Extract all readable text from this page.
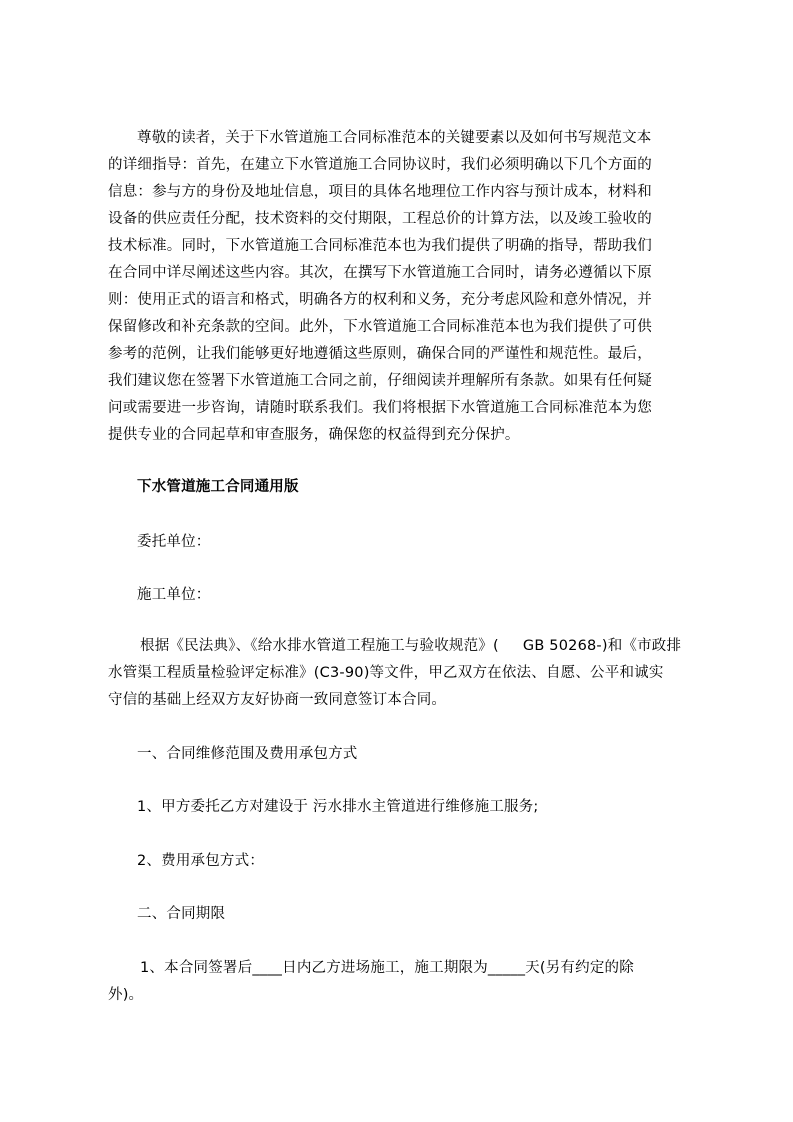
尊敬的读者，关于下水管道施工合同标准范本的关键要素以及如何书写规范文本
的详细指导：首先，在建立下水管道施工合同协议时，我们必须明确以下几个方面的
信息：参与方的身份及地址信息，项目的具体名地理位工作内容与预计成本，材料和
设备的供应责任分配，技术资料的交付期限，工程总价的计算方法，以及竣工验收的
技术标准。同时，下水管道施工合同标准范本也为我们提供了明确的指导，帮助我们
在合同中详尽阐述这些内容。其次，在撰写下水管道施工合同时，请务必遵循以下原
则：使用正式的语言和格式，明确各方的权利和义务，充分考虑风险和意外情况，并
保留修改和补充条款的空间。此外，下水管道施工合同标准范本也为我们提供了可供
参考的范例，让我们能够更好地遵循这些原则，确保合同的严谨性和规范性。最后，
我们建议您在签署下水管道施工合同之前，仔细阅读并理解所有条款。如果有任何疑
问或需要进一步咨询，请随时联系我们。我们将根据下水管道施工合同标准范本为您
提供专业的合同起草和审查服务，确保您的权益得到充分保护。
下水管道施工合同通用版
委托单位：
施工单位：
根据《民法典》、《给水排水管道工程施工与验收规范》(     GB 50268-)和《市政排
水管渠工程质量检验评定标准》(C3-90)等文件，甲乙双方在依法、自愿、公平和诚实
守信的基础上经双方友好协商一致同意签订本合同。
一、合同维修范围及费用承包方式
1、甲方委托乙方对建设于 污水排水主管道进行维修施工服务;
2、费用承包方式：
二、合同期限
1、本合同签署后____日内乙方进场施工，施工期限为_____天(另有约定的除
外)。
